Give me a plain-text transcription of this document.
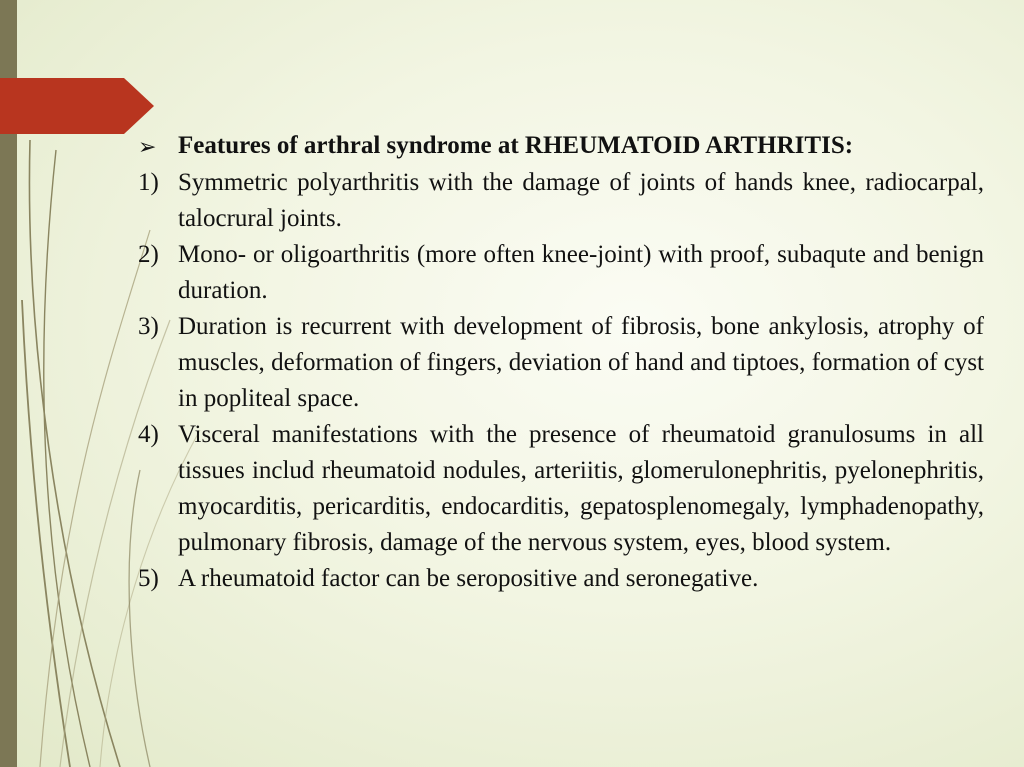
➢ Features of arthral syndrome at RHEUMATOID ARTHRITIS:
1) Symmetric polyarthritis with the damage of joints of hands knee, radiocarpal, talocrural joints.
2) Mono- or oligoarthritis (more often knee-joint) with proof, subaqute and benign duration.
3) Duration is recurrent with development of fibrosis, bone ankylosis, atrophy of muscles, deformation of fingers, deviation of hand and tiptoes, formation of cyst in popliteal space.
4) Visceral manifestations with the presence of rheumatoid granulosums in all tissues includ rheumatoid nodules, arteriitis, glomerulonephritis, pyelonephritis, myocarditis, pericarditis, endocarditis, gepatosplenomegaly, lymphadenopathy, pulmonary fibrosis, damage of the nervous system, eyes, blood system.
5) A rheumatoid factor can be seropositive and seronegative.
